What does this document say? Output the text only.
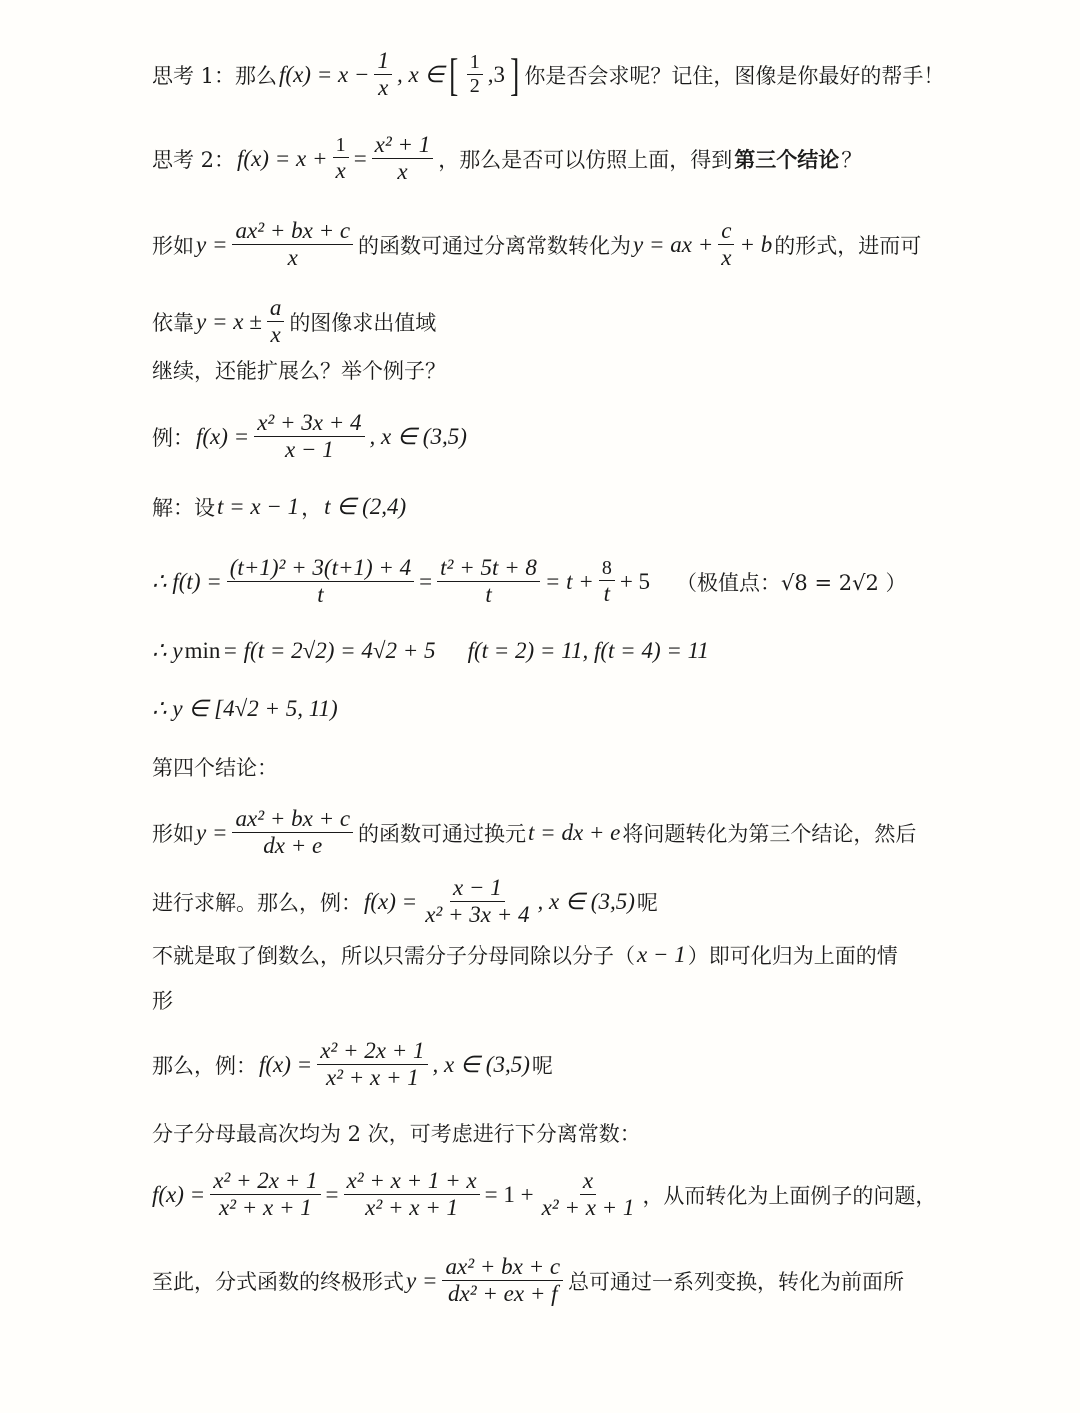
思考 1：那么 $f(x) = x - \frac{1}{x}$ , x ∈ [ $\frac{1}{2} ,3$ ] 你是否会求呢？记住，图像是你最好的帮手！
思考 2： $f(x) = x + \frac{1}{x} = \frac{\text{x² + 1}}{x}$ ，那么是否可以仿照上面，得到 第三个结论 ？
形如 $y = \frac{\text{ax² + bx + c}}{x}$ 的函数可通过分离常数转化为 y = ax + $\frac{c}{x} + b$ 的形式，进而可
依靠 $y = x \pm \frac{a}{x}$ 的图像求出值域
继续，还能扩展么？举个例子？
例： $f(x) = \frac{\text{x² + 3x + 4}}{x - 1}$ , x ∈ (3,5)
解：设 t = x − 1 ， t ∈ (2,4)
∴ $f(t) = \frac{\text{(t+1)² + 3(t+1) + 4}}{t} = \frac{\text{t² + 5t + 8}}{t} = t + \frac{8}{t} + 5$ （极值点：√8 = 2√2 ）
∴ y min = f(t = 2√2) = 4√2 + 5 f(t = 2) = 11, f(t = 4) = 11
∴ y ∈ [4√2 + 5, 11)
第四个结论：
形如 $y = \frac{\text{ax² + bx + c}}{dx + e}$ 的函数可通过换元 t = dx + e 将问题转化为第三个结论，然后
进行求解。那么，例： $f(x) = \frac{x - 1}{\text{x² + 3x + 4}}$ , x ∈ (3,5) 呢
不就是取了倒数么，所以只需分子分母同除以分子（ x − 1 ）即可化归为上面的情
形
那么，例： $f(x) = \frac{\text{x² + 2x + 1}}{\text{x² + x + 1}}$ , x ∈ (3,5) 呢
分子分母最高次均为 2 次，可考虑进行下分离常数：
$f(x) = \frac{\text{x² + 2x + 1}}{\text{x² + x + 1}} = \frac{\text{x² + x + 1 + x}}{\text{x² + x + 1}} = 1 + \frac{x}{\text{x² + x + 1}}$ ，从而转化为上面例子的问题，
至此，分式函数的终极形式 $y = \frac{\text{ax² + bx + c}}{\text{dx² + ex + f}}$ 总可通过一系列变换，转化为前面所
